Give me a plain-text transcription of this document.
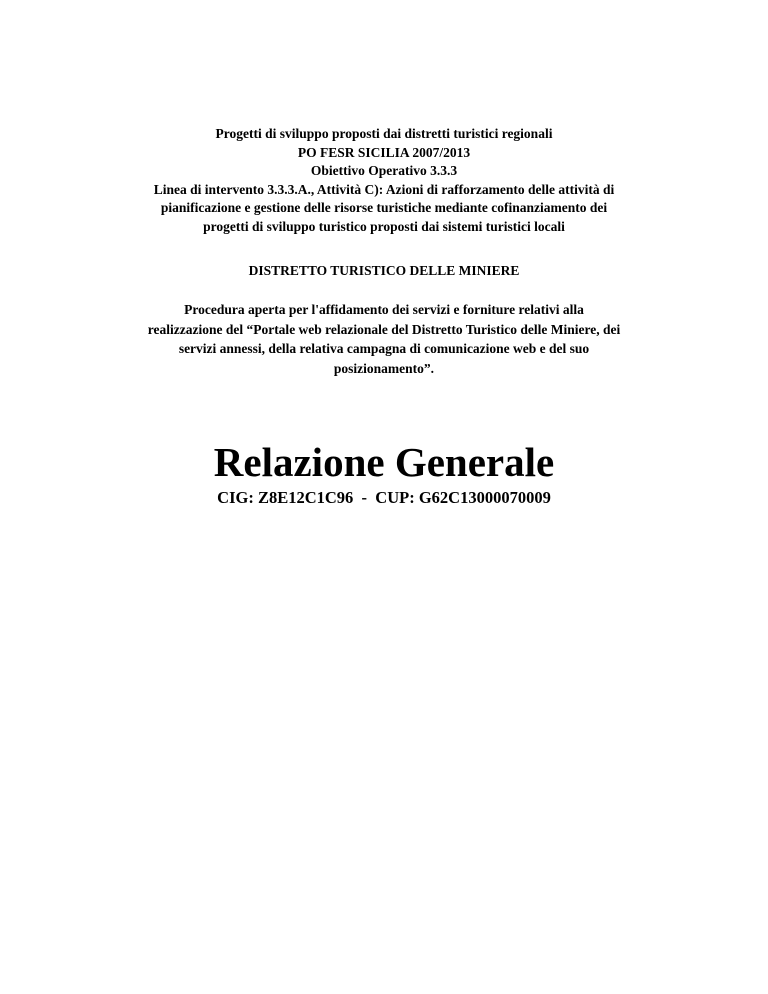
Progetti di sviluppo proposti dai distretti turistici regionali
PO FESR SICILIA 2007/2013
Obiettivo Operativo 3.3.3
Linea di intervento 3.3.3.A., Attività C): Azioni di rafforzamento delle attività di
pianificazione e gestione delle risorse turistiche mediante cofinanziamento dei
progetti di sviluppo turistico proposti dai sistemi turistici locali
DISTRETTO TURISTICO DELLE MINIERE
Procedura aperta per l'affidamento dei servizi e forniture relativi alla
realizzazione del “Portale web relazionale del Distretto Turistico delle Miniere, dei
servizi annessi, della relativa campagna di comunicazione web e del suo
posizionamento”.
Relazione Generale
CIG: Z8E12C1C96  -  CUP: G62C13000070009
